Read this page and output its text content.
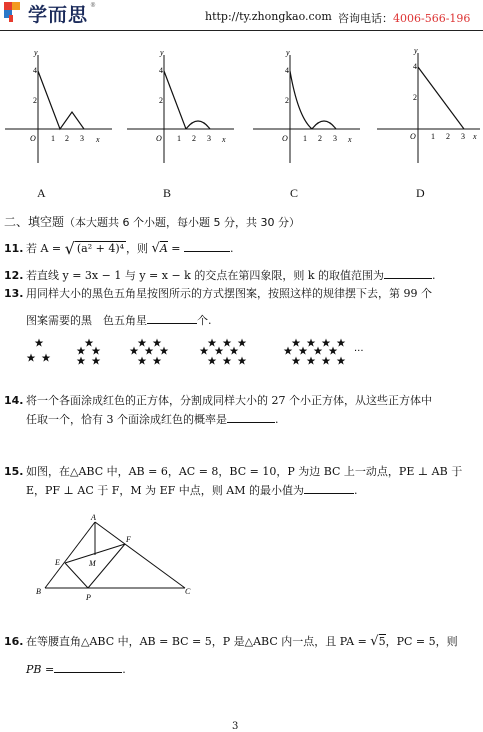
学而思 ®
http://ty.zhongkao.com 咨询电话：4006-566-196
y
x
O
4
2
1 2 3
y
x
O
4
2
1 2 3
y
x
O
4
2
1 2 3
y
x
O
4
2
1 2 3
A	B	C	D
二、填空题（本大题共 6 个小题，每小题 5 分，共 30 分）
11. 若 A = √ (a² + 4)⁴ ，则 √A =	.
12. 若直线 y = 3x − 1 与 y = x − k 的交点在第四象限，则 k 的取值范围为	.
13. 用同样大小的黑色五角星按图所示的方式摆图案，按照这样的规律摆下去，第 99 个
图案需要的黑　色五角星	个.
···
14. 将一个各面涂成红色的正方体，分割成同样大小的 27 个小正方体，从这些正方体中
任取一个，恰有 3 个面涂成红色的概率是	.
15. 如图，在△ABC 中，AB = 6，AC = 8，BC = 10，P 为边 BC 上一动点，PE ⊥ AB 于
E，PF ⊥ AC 于 F，M 为 EF 中点，则 AM 的最小值为	.
A
B	C
E
F
M
P
16. 在等腰直角△ABC 中，AB = BC = 5，P 是△ABC 内一点，且 PA = √5，PC = 5，则
PB =	.
3
